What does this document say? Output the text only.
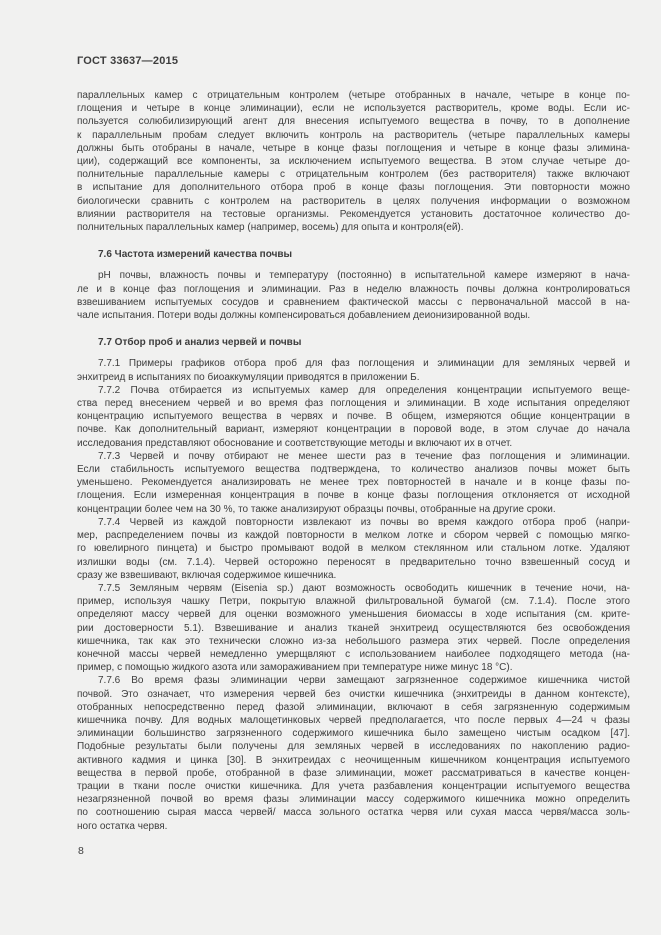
ГОСТ 33637—2015
параллельных камер с отрицательным контролем (четыре отобранных в начале, четыре в конце по-
глощения и четыре в конце элиминации), если не используется растворитель, кроме воды. Если ис-
пользуется солюбилизирующий агент для внесения испытуемого вещества в почву, то в дополнение
к параллельным пробам следует включить контроль на растворитель (четыре параллельных камеры
должны быть отобраны в начале, четыре в конце фазы поглощения и четыре в конце фазы элимина-
ции), содержащий все компоненты, за исключением испытуемого вещества. В этом случае четыре до-
полнительные параллельные камеры с отрицательным контролем (без растворителя) также включают
в испытание для дополнительного отбора проб в конце фазы поглощения. Эти повторности можно
биологически сравнить с контролем на растворитель в целях получения информации о возможном
влиянии растворителя на тестовые организмы. Рекомендуется установить достаточное количество до-
полнительных параллельных камер (например, восемь) для опыта и контроля(ей).
7.6 Частота измерений качества почвы
рН почвы, влажность почвы и температуру (постоянно) в испытательной камере измеряют в нача-
ле и в конце фаз поглощения и элиминации. Раз в неделю влажность почвы должна контролироваться
взвешиванием испытуемых сосудов и сравнением фактической массы с первоначальной массой в на-
чале испытания. Потери воды должны компенсироваться добавлением деионизированной воды.
7.7 Отбор проб и анализ червей и почвы
7.7.1 Примеры графиков отбора проб для фаз поглощения и элиминации для земляных червей и
энхитреид в испытаниях по биоаккумуляции приводятся в приложении Б.
7.7.2 Почва отбирается из испытуемых камер для определения концентрации испытуемого веще-
ства перед внесением червей и во время фаз поглощения и элиминации. В ходе испытания определяют
концентрацию испытуемого вещества в червях и почве. В общем, измеряются общие концентрации в
почве. Как дополнительный вариант, измеряют концентрации в поровой воде, в этом случае до начала
исследования представляют обоснование и соответствующие методы и включают их в отчет.
7.7.3 Червей и почву отбирают не менее шести раз в течение фаз поглощения и элиминации.
Если стабильность испытуемого вещества подтверждена, то количество анализов почвы может быть
уменьшено. Рекомендуется анализировать не менее трех повторностей в начале и в конце фазы по-
глощения. Если измеренная концентрация в почве в конце фазы поглощения отклоняется от исходной
концентрации более чем на 30 %, то также анализируют образцы почвы, отобранные на другие сроки.
7.7.4 Червей из каждой повторности извлекают из почвы во время каждого отбора проб (напри-
мер, распределением почвы из каждой повторности в мелком лотке и сбором червей с помощью мягко-
го ювелирного пинцета) и быстро промывают водой в мелком стеклянном или стальном лотке. Удаляют
излишки воды (см. 7.1.4). Червей осторожно переносят в предварительно точно взвешенный сосуд и
сразу же взвешивают, включая содержимое кишечника.
7.7.5 Земляным червям (Eisenia sp.) дают возможность освободить кишечник в течение ночи, на-
пример, используя чашку Петри, покрытую влажной фильтровальной бумагой (см. 7.1.4). После этого
определяют массу червей для оценки возможного уменьшения биомассы в ходе испытания (см. крите-
рии достоверности 5.1). Взвешивание и анализ тканей энхитреид осуществляются без освобождения
кишечника, так как это технически сложно из-за небольшого размера этих червей. После определения
конечной массы червей немедленно умерщвляют с использованием наиболее подходящего метода (на-
пример, с помощью жидкого азота или замораживанием при температуре ниже минус 18 °С).
7.7.6 Во время фазы элиминации черви замещают загрязненное содержимое кишечника чистой
почвой. Это означает, что измерения червей без очистки кишечника (энхитреиды в данном контексте),
отобранных непосредственно перед фазой элиминации, включают в себя загрязненную содержимым
кишечника почву. Для водных малощетинковых червей предполагается, что после первых 4—24 ч фазы
элиминации большинство загрязненного содержимого кишечника было замещено чистым осадком [47].
Подобные результаты были получены для земляных червей в исследованиях по накоплению радио-
активного кадмия и цинка [30]. В энхитреидах с неочищенным кишечником концентрация испытуемого
вещества в первой пробе, отобранной в фазе элиминации, может рассматриваться в качестве концен-
трации в ткани после очистки кишечника. Для учета разбавления концентрации испытуемого вещества
незагрязненной почвой во время фазы элиминации массу содержимого кишечника можно определить
по соотношению сырая масса червей/ масса зольного остатка червя или сухая масса червя/масса золь-
ного остатка червя.
8
